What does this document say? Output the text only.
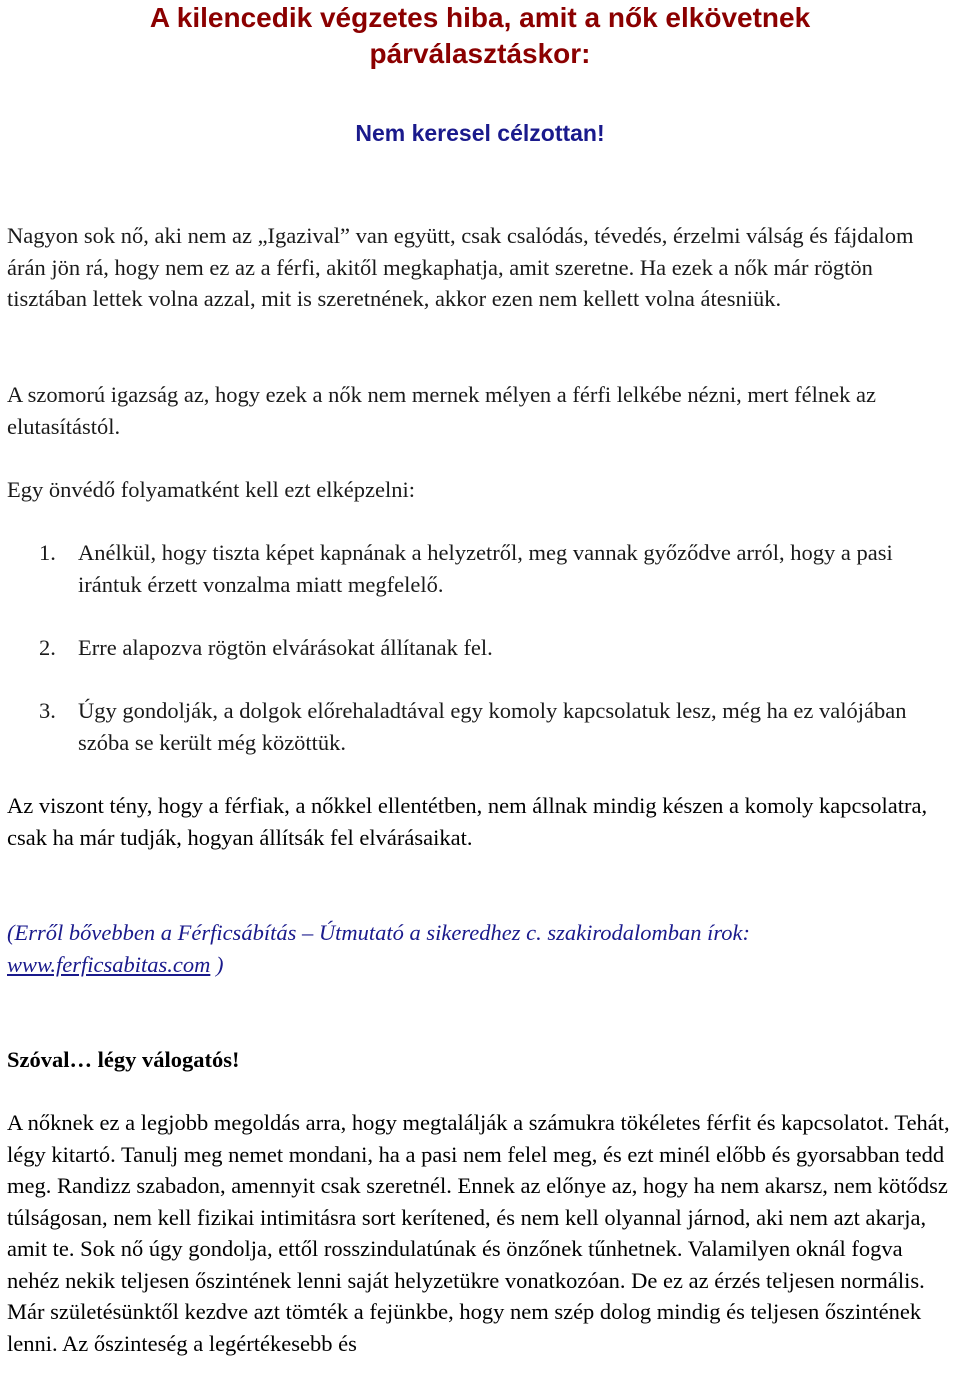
A kilencedik végzetes hiba, amit a nők elkövetnek
párválasztáskor:
Nem keresel célzottan!

Nagyon sok nő, aki nem az „Igazival” van együtt, csak csalódás, tévedés, érzelmi válság és fájdalom árán jön rá, hogy nem ez az a férfi, akitől megkaphatja, amit szeretne. Ha ezek a nők már rögtön tisztában lettek volna azzal, mit is szeretnének, akkor ezen nem kellett volna átesniük.

A szomorú igazság az, hogy ezek a nők nem mernek mélyen a férfi lelkébe nézni, mert félnek az elutasítástól.

Egy önvédő folyamatként kell ezt elképzelni:

1. Anélkül, hogy tiszta képet kapnának a helyzetről, meg vannak győződve arról, hogy a pasi irántuk érzett vonzalma miatt megfelelő.
2. Erre alapozva rögtön elvárásokat állítanak fel.
3. Úgy gondolják, a dolgok előrehaladtával egy komoly kapcsolatuk lesz, még ha ez valójában szóba se került még közöttük.

Az viszont tény, hogy a férfiak, a nőkkel ellentétben, nem állnak mindig készen a komoly kapcsolatra, csak ha már tudják, hogyan állítsák fel elvárásaikat.

(Erről bővebben a Férficsábítás – Útmutató a sikeredhez c. szakirodalomban írok: www.ferficsabitas.com )

Szóval… légy válogatós!

A nőknek ez a legjobb megoldás arra, hogy megtalálják a számukra tökéletes férfit és kapcsolatot. Tehát, légy kitartó. Tanulj meg nemet mondani, ha a pasi nem felel meg, és ezt minél előbb és gyorsabban tedd meg. Randizz szabadon, amennyit csak szeretnél. Ennek az előnye az, hogy ha nem akarsz, nem kötődsz túlságosan, nem kell fizikai intimitásra sort kerítened, és nem kell olyannal járnod, aki nem azt akarja, amit te. Sok nő úgy gondolja, ettől rosszindulatúnak és önzőnek tűnhetnek. Valamilyen oknál fogva nehéz nekik teljesen őszintének lenni saját helyzetükre vonatkozóan. De ez az érzés teljesen normális. Már születésünktől kezdve azt tömték a fejünkbe, hogy nem szép dolog mindig és teljesen őszintének lenni. Az őszinteség a legértékesebb és
